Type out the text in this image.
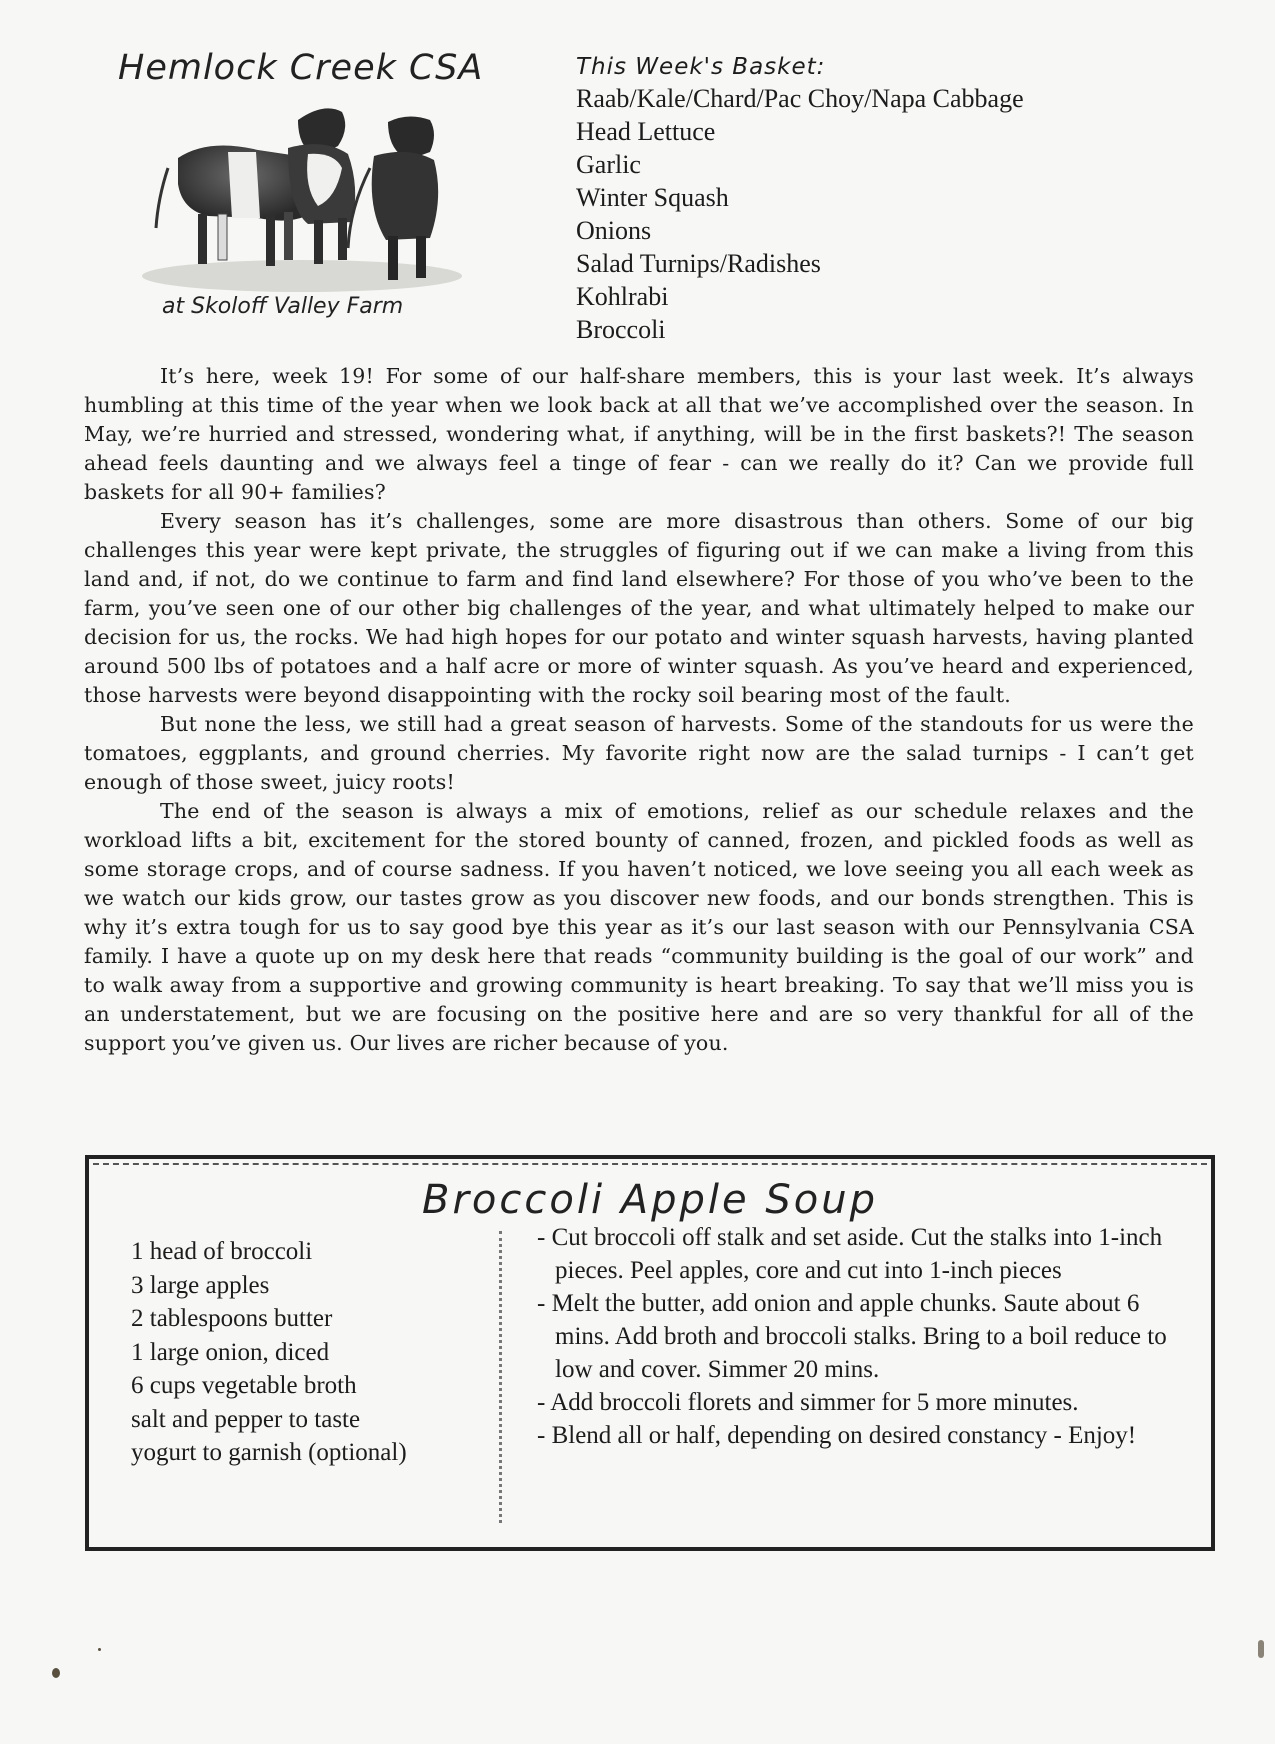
Hemlock Creek CSA
at Skoloff Valley Farm
This Week's Basket:
Raab/Kale/Chard/Pac Choy/Napa Cabbage
Head Lettuce
Garlic
Winter Squash
Onions
Salad Turnips/Radishes
Kohlrabi
Broccoli

It’s here, week 19! For some of our half-share members, this is your last week. It’s always humbling at this time of the year when we look back at all that we’ve accomplished over the season. In May, we’re hurried and stressed, wondering what, if anything, will be in the first baskets?! The season ahead feels daunting and we always feel a tinge of fear - can we really do it? Can we provide full baskets for all 90+ families?

Every season has it’s challenges, some are more disastrous than others. Some of our big challenges this year were kept private, the struggles of figuring out if we can make a living from this land and, if not, do we continue to farm and find land elsewhere? For those of you who’ve been to the farm, you’ve seen one of our other big challenges of the year, and what ultimately helped to make our decision for us, the rocks. We had high hopes for our potato and winter squash harvests, having planted around 500 lbs of potatoes and a half acre or more of winter squash. As you’ve heard and experienced, those harvests were beyond disappointing with the rocky soil bearing most of the fault.

But none the less, we still had a great season of harvests. Some of the standouts for us were the tomatoes, eggplants, and ground cherries. My favorite right now are the salad turnips - I can’t get enough of those sweet, juicy roots!

The end of the season is always a mix of emotions, relief as our schedule relaxes and the workload lifts a bit, excitement for the stored bounty of canned, frozen, and pickled foods as well as some storage crops, and of course sadness. If you haven’t noticed, we love seeing you all each week as we watch our kids grow, our tastes grow as you discover new foods, and our bonds strengthen. This is why it’s extra tough for us to say good bye this year as it’s our last season with our Pennsylvania CSA family. I have a quote up on my desk here that reads “community building is the goal of our work” and to walk away from a supportive and growing community is heart breaking. To say that we’ll miss you is an understatement, but we are focusing on the positive here and are so very thankful for all of the support you’ve given us. Our lives are richer because of you.

Broccoli Apple Soup
1 head of broccoli
3 large apples
2 tablespoons butter
1 large onion, diced
6 cups vegetable broth
salt and pepper to taste
yogurt to garnish (optional)
- Cut broccoli off stalk and set aside. Cut the stalks into 1-inch pieces. Peel apples, core and cut into 1-inch pieces
- Melt the butter, add onion and apple chunks. Saute about 6 mins. Add broth and broccoli stalks. Bring to a boil reduce to low and cover. Simmer 20 mins.
- Add broccoli florets and simmer for 5 more minutes.
- Blend all or half, depending on desired constancy - Enjoy!
